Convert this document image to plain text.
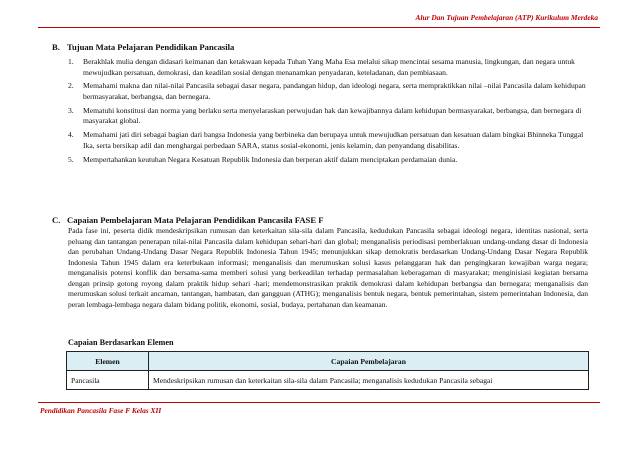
Alur Dan Tujuan Pembelajaran (ATP) Kurikulum Merdeka
B. Tujuan Mata Pelajaran Pendidikan Pancasila
1. Berakhlak mulia dengan didasari keimanan dan ketakwaan kepada Tuhan Yang Maha Esa melalui sikap mencintai sesama manusia, lingkungan, dan negara untuk mewujudkan persatuan, demokrasi, dan keadilan sosial dengan menanamkan penyadaran, keteladanan, dan pembiasaan.
2. Memahami makna dan nilai-nilai Pancasila sebagai dasar negara, pandangan hidup, dan ideologi negara, serta mempraktikkan nilai –nilai Pancasila dalam kehidupan bermasyarakat, berbangsa, dan bernegara.
3. Mematuhi konstitusi dan norma yang berlaku serta menyelaraskan perwujudan hak dan kewajibannya dalam kehidupan bermasyarakat, berbangsa, dan bernegara di masyarakat global.
4. Memahami jati diri sebagai bagian dari bangsa Indonesia yang berbineka dan berupaya untuk mewujudkan persatuan dan kesatuan dalam bingkai Bhinneka Tunggal Ika, serta bersikap adil dan menghargai perbedaan SARA, status sosial-ekonomi, jenis kelamin, dan penyandang disabilitas.
5. Mempertahankan keutuhan Negara Kesatuan Republik Indonesia dan berperan aktif dalam menciptakan perdamaian dunia.
C. Capaian Pembelajaran Mata Pelajaran Pendidikan Pancasila FASE F

Pada fase ini, peserta didik mendeskripsikan rumusan dan keterkaitan sila-sila dalam Pancasila, kedudukan Pancasila sebagai ideologi negara, identitas nasional, serta peluang dan tantangan penerapan nilai-nilai Pancasila dalam kehidupan sehari-hari dan global; menganalisis periodisasi pemberlakuan undang-undang dasar di Indonesia dan perubahan Undang-Undang Dasar Negara Republik Indonesia Tahun 1945; menunjukkan sikap demokratis berdasarkan Undang-Undang Dasar Negara Republik Indonesia Tahun 1945 dalam era keterbukaan informasi; menganalisis dan merumuskan solusi kasus pelanggaran hak dan pengingkaran kewajiban warga negara; menganalisis potensi konflik dan bersama-sama memberi solusi yang berkeadilan terhadap permasalahan keberagaman di masyarakat; menginisiasi kegiatan bersama dengan prinsip gotong royong dalam praktik hidup sehari -hari; mendemonstrasikan praktik demokrasi dalam kehidupan berbangsa dan bernegara; menganalisis dan merumuskan solusi terkait ancaman, tantangan, hambatan, dan gangguan (ATHG); menganalisis bentuk negara, bentuk pemerintahan, sistem pemerintahan Indonesia, dan peran lembaga-lembaga negara dalam bidang politik, ekonomi, sosial, budaya, pertahanan dan keamanan.

Capaian Berdasarkan Elemen
Elemen	Capaian Pembelajaran
Pancasila	Mendeskripsikan rumusan dan keterkaitan sila-sila dalam Pancasila; menganalisis kedudukan Pancasila sebagai
Pendidikan Pancasila Fase F Kelas XII
